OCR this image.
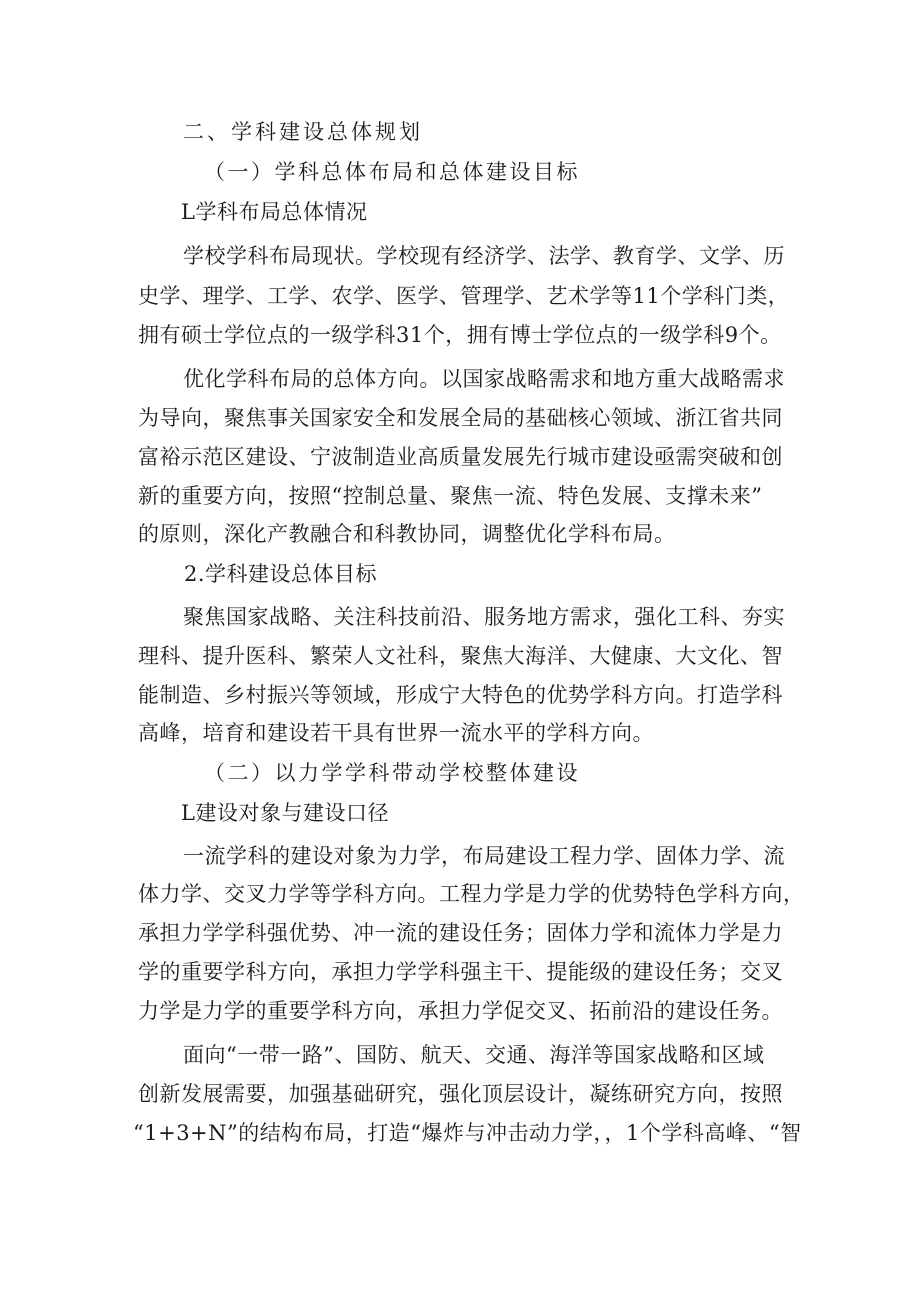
二、学科建设总体规划
（一）学科总体布局和总体建设目标
L学科布局总体情况
学校学科布局现状。学校现有经济学、法学、教育学、文学、历
史学、理学、工学、农学、医学、管理学、艺术学等11个学科门类，
拥有硕士学位点的一级学科31个，拥有博士学位点的一级学科9个。
优化学科布局的总体方向。以国家战略需求和地方重大战略需求
为导向，聚焦事关国家安全和发展全局的基础核心领域、浙江省共同
富裕示范区建设、宁波制造业高质量发展先行城市建设亟需突破和创
新的重要方向，按照“控制总量、聚焦一流、特色发展、支撑未来”
的原则，深化产教融合和科教协同，调整优化学科布局。
2.学科建设总体目标
聚焦国家战略、关注科技前沿、服务地方需求，强化工科、夯实
理科、提升医科、繁荣人文社科，聚焦大海洋、大健康、大文化、智
能制造、乡村振兴等领域，形成宁大特色的优势学科方向。打造学科
高峰，培育和建设若干具有世界一流水平的学科方向。
（二）以力学学科带动学校整体建设
L建设对象与建设口径
一流学科的建设对象为力学，布局建设工程力学、固体力学、流
体力学、交叉力学等学科方向。工程力学是力学的优势特色学科方向，
承担力学学科强优势、冲一流的建设任务；固体力学和流体力学是力
学的重要学科方向，承担力学学科强主干、提能级的建设任务；交叉
力学是力学的重要学科方向，承担力学促交叉、拓前沿的建设任务。
面向“一带一路”、国防、航天、交通、海洋等国家战略和区域
创新发展需要，加强基础研究，强化顶层设计，凝练研究方向，按照
“1+3+N”的结构布局，打造“爆炸与冲击动力学，，1个学科高峰、“智
